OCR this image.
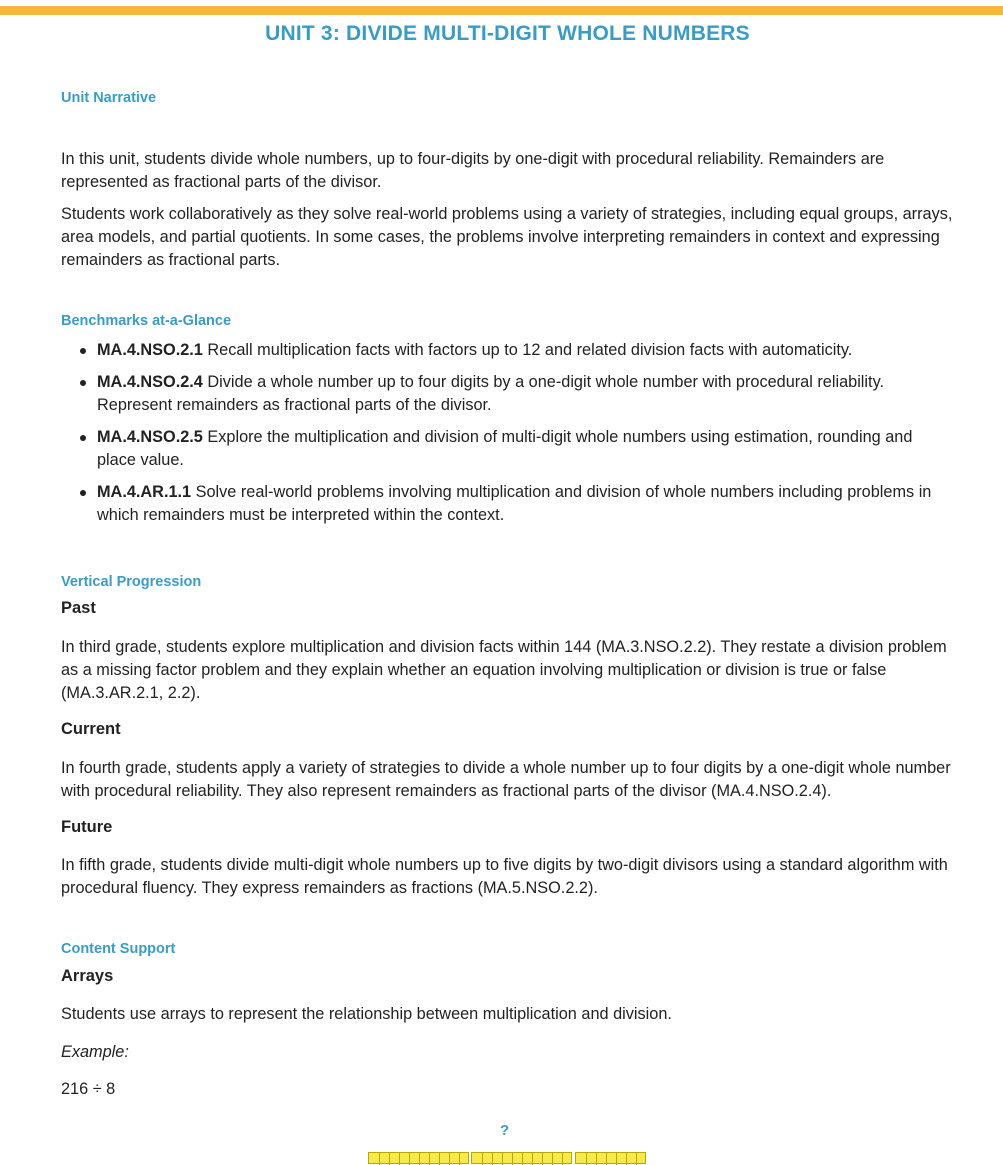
UNIT 3: DIVIDE MULTI-DIGIT WHOLE NUMBERS
Unit Narrative

In this unit, students divide whole numbers, up to four-digits by one-digit with procedural reliability. Remainders are represented as fractional parts of the divisor.

Students work collaboratively as they solve real-world problems using a variety of strategies, including equal groups, arrays, area models, and partial quotients. In some cases, the problems involve interpreting remainders in context and expressing remainders as fractional parts.

Benchmarks at-a-Glance
MA.4.NSO.2.1 Recall multiplication facts with factors up to 12 and related division facts with automaticity.
MA.4.NSO.2.4 Divide a whole number up to four digits by a one-digit whole number with procedural reliability. Represent remainders as fractional parts of the divisor.
MA.4.NSO.2.5 Explore the multiplication and division of multi-digit whole numbers using estimation, rounding and place value.
MA.4.AR.1.1 Solve real-world problems involving multiplication and division of whole numbers including problems in which remainders must be interpreted within the context.
Vertical Progression
Past

In third grade, students explore multiplication and division facts within 144 (MA.3.NSO.2.2). They restate a division problem as a missing factor problem and they explain whether an equation involving multiplication or division is true or false (MA.3.AR.2.1, 2.2).

Current

In fourth grade, students apply a variety of strategies to divide a whole number up to four digits by a one-digit whole number with procedural reliability. They also represent remainders as fractional parts of the divisor (MA.4.NSO.2.4).

Future

In fifth grade, students divide multi-digit whole numbers up to five digits by two-digit divisors using a standard algorithm with procedural fluency. They express remainders as fractions (MA.5.NSO.2.2).

Content Support
Arrays

Students use arrays to represent the relationship between multiplication and division.

Example:

216 ÷ 8

?
